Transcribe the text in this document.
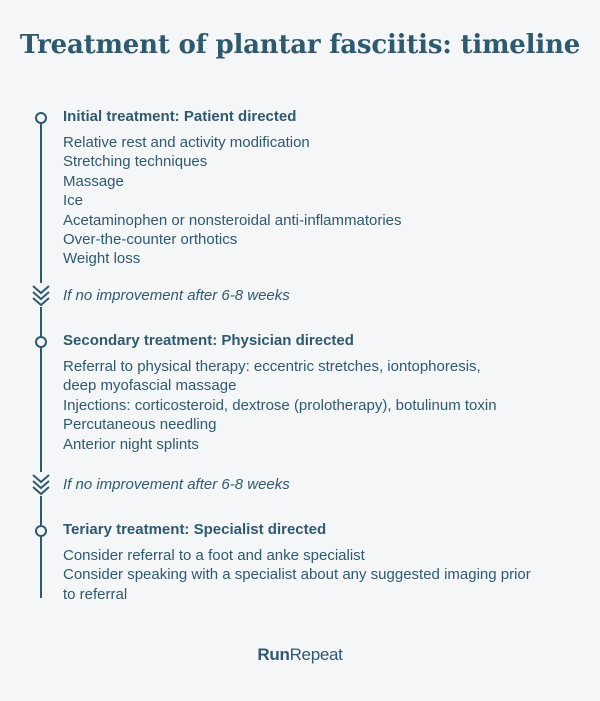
Treatment of plantar fasciitis: timeline
Initial treatment: Patient directed
Relative rest and activity modification
Stretching techniques
Massage
Ice
Acetaminophen or nonsteroidal anti-inflammatories
Over-the-counter orthotics
Weight loss
If no improvement after 6-8 weeks
Secondary treatment: Physician directed
Referral to physical therapy: eccentric stretches, iontophoresis,
deep myofascial massage
Injections: corticosteroid, dextrose (prolotherapy), botulinum toxin
Percutaneous needling
Anterior night splints
If no improvement after 6-8 weeks
Teriary treatment: Specialist directed
Consider referral to a foot and anke specialist
Consider speaking with a specialist about any suggested imaging prior
to referral
RunRepeat
